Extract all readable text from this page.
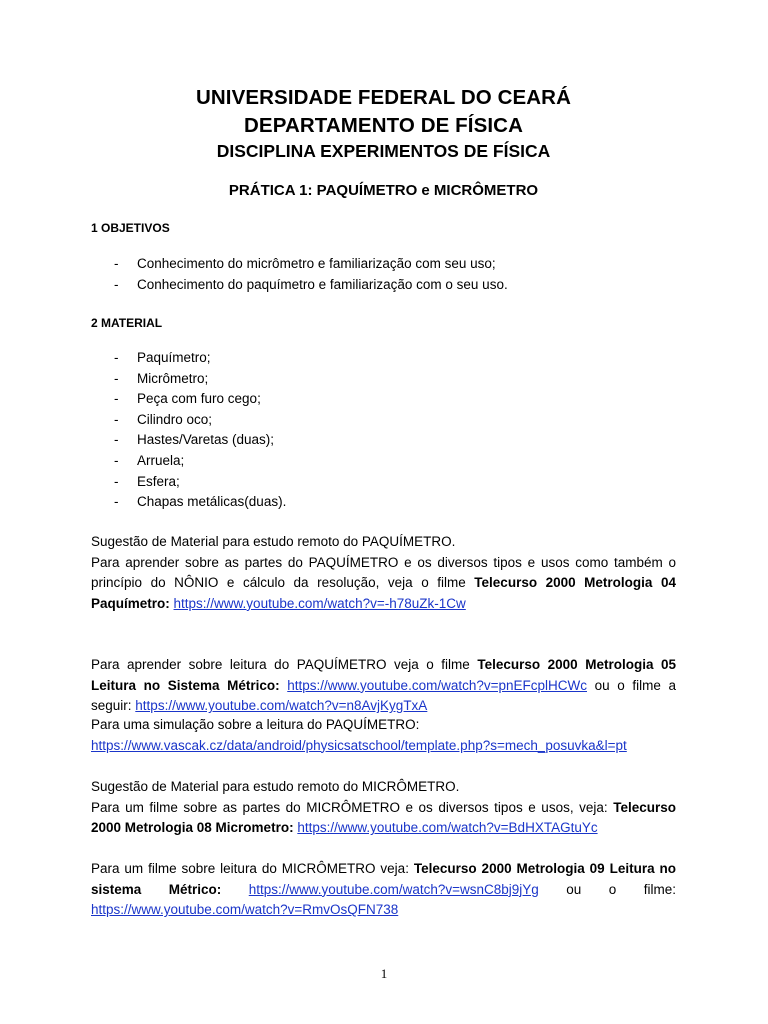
UNIVERSIDADE FEDERAL DO CEARÁ
DEPARTAMENTO DE FÍSICA
DISCIPLINA EXPERIMENTOS DE FÍSICA
PRÁTICA 1: PAQUÍMETRO e MICRÔMETRO
1 OBJETIVOS
- Conhecimento do micrômetro e familiarização com seu uso;
- Conhecimento do paquímetro e familiarização com o seu uso.
2 MATERIAL
- Paquímetro;
- Micrômetro;
- Peça com furo cego;
- Cilindro oco;
- Hastes/Varetas (duas);
- Arruela;
- Esfera;
- Chapas metálicas(duas).
Sugestão de Material para estudo remoto do PAQUÍMETRO.
Para aprender sobre as partes do PAQUÍMETRO e os diversos tipos e usos como também o
princípio do NÔNIO e cálculo da resolução, veja o filme Telecurso 2000 Metrologia 04
Paquímetro: https://www.youtube.com/watch?v=-h78uZk-1Cw
Para aprender sobre leitura do PAQUÍMETRO veja o filme Telecurso 2000 Metrologia 05
Leitura no Sistema Métrico: https://www.youtube.com/watch?v=pnEFcplHCWc ou o filme a
seguir: https://www.youtube.com/watch?v=n8AvjKygTxA
Para uma simulação sobre a leitura do PAQUÍMETRO:
https://www.vascak.cz/data/android/physicsatschool/template.php?s=mech_posuvka&l=pt
Sugestão de Material para estudo remoto do MICRÔMETRO.
Para um filme sobre as partes do MICRÔMETRO e os diversos tipos e usos, veja: Telecurso
2000 Metrologia 08 Micrometro: https://www.youtube.com/watch?v=BdHXTAGtuYc
Para um filme sobre leitura do MICRÔMETRO veja: Telecurso 2000 Metrologia 09 Leitura no
sistema Métrico: https://www.youtube.com/watch?v=wsnC8bj9jYg ou o filme:
https://www.youtube.com/watch?v=RmvOsQFN738
1
